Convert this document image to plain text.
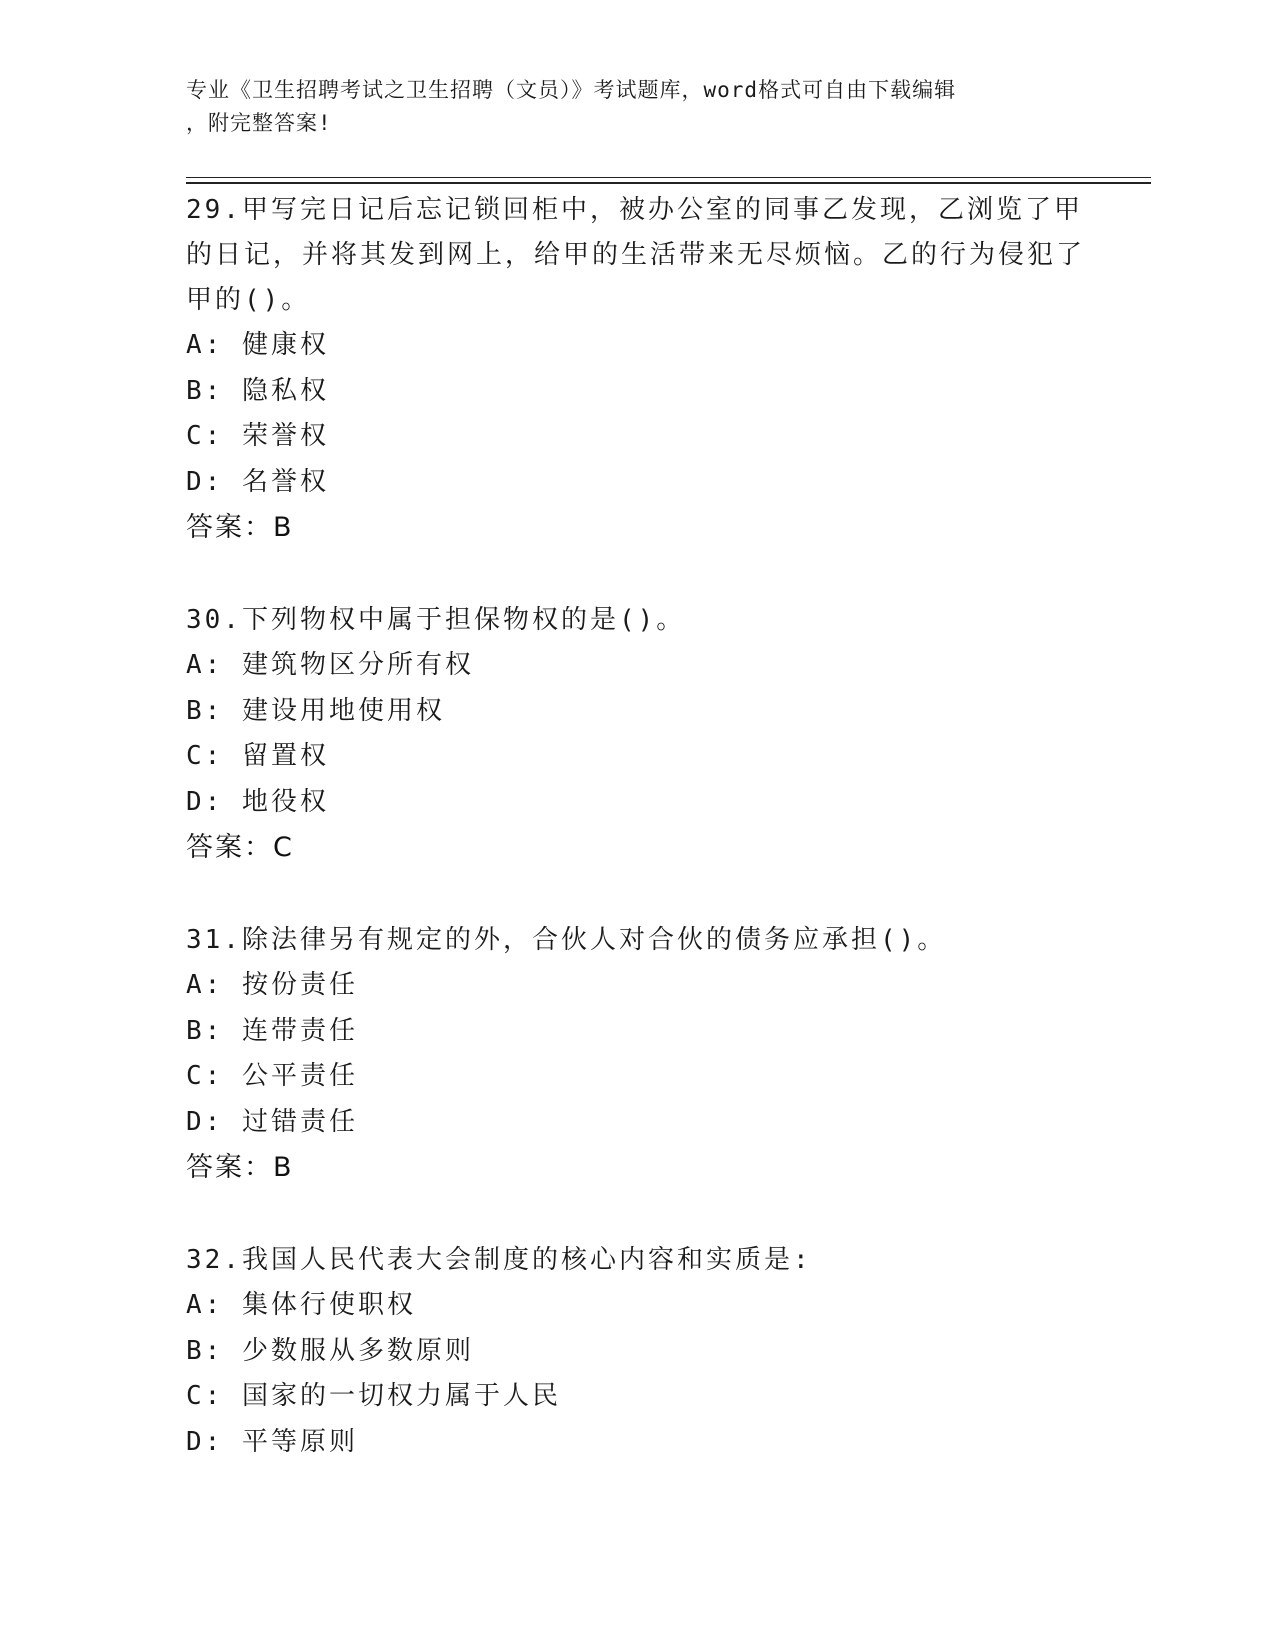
专业《卫生招聘考试之卫生招聘（文员）》考试题库，word格式可自由下载编辑
，附完整答案!
29.甲写完日记后忘记锁回柜中，被办公室的同事乙发现，乙浏览了甲的日记，并将其发到网上，给甲的生活带来无尽烦恼。乙的行为侵犯了甲的()。
A: 健康权
B: 隐私权
C: 荣誉权
D: 名誉权
答案：B
30.下列物权中属于担保物权的是()。
A: 建筑物区分所有权
B: 建设用地使用权
C: 留置权
D: 地役权
答案：C
31.除法律另有规定的外，合伙人对合伙的债务应承担()。
A: 按份责任
B: 连带责任
C: 公平责任
D: 过错责任
答案：B
32.我国人民代表大会制度的核心内容和实质是:
A: 集体行使职权
B: 少数服从多数原则
C: 国家的一切权力属于人民
D: 平等原则
